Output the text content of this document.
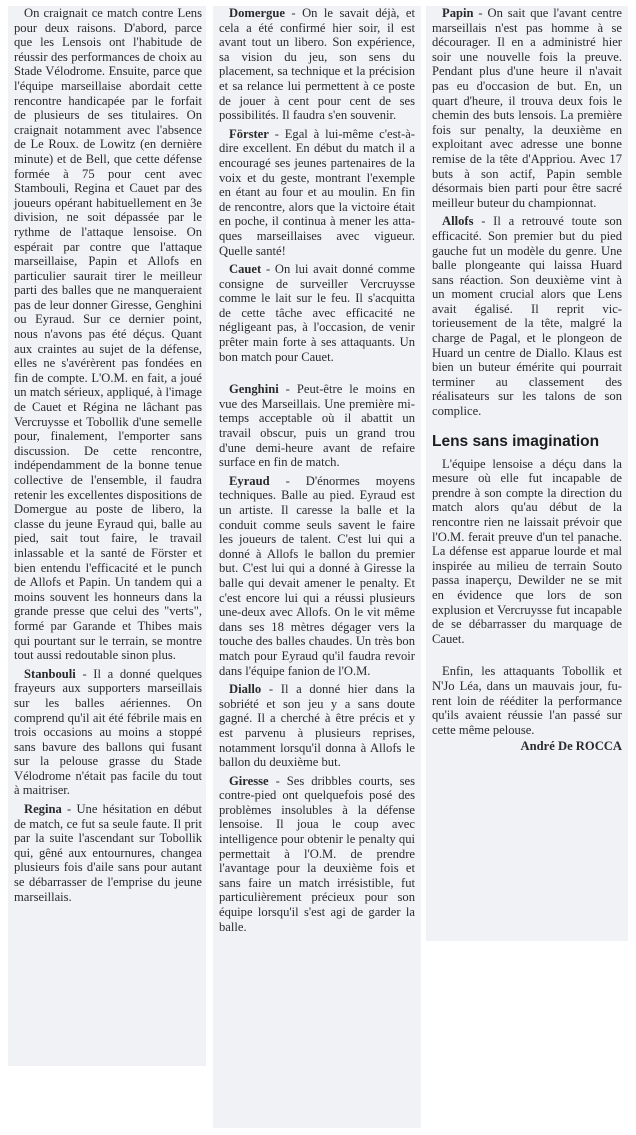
On craignait ce match contre Lens pour deux raisons. D'abord, parce que les Lensois ont l'habitude de réussir des performances de choix au Stade Vélodrome. Ensuite, parce que l'équipe marseillaise abordait cette rencontre handicapée par le forfait de plusieurs de ses titulaires. On craignait notamment avec l'absence de Le Roux. de Lowitz (en dernière minute) et de Bell, que cette défense formée à 75 pour cent avec Stambouli, Regina et Cauet par des joueurs opérant habituellement en 3e division, ne soit dépassée par le rythme de l'attaque lensoise. On espérait par contre que l'attaque marseillaise, Papin et Allofs en particulier saurait tirer le meilleur parti des balles que ne manqueraient pas de leur donner Giresse, Genghini ou Eyraud. Sur ce dernier point, nous n'avons pas été déçus. Quant aux craintes au sujet de la défense, elles ne s'avérèrent pas fondées en fin de compte. L'O.M. en fait, a joué un match sérieux, appliqué, à l'image de Cauet et Régina ne lâchant pas Vercruysse et Tobollik d'une semelle pour, finalement, l'emporter sans discussion. De cette rencontre, indépendamment de la bonne tenue collective de l'ensemble, il faudra retenir les excellentes dispositions de Domergue au poste de libero, la classe du jeune Eyraud qui, balle au pied, sait tout faire, le travail inlassable et la santé de Förster et bien entendu l'efficacité et le punch de Allofs et Papin. Un tandem qui a moins souvent les honneurs dans la grande presse que celui des "verts", formé par Garande et Thibes mais qui pourtant sur le terrain, se montre tout aussi redoutable sinon plus.

Stanbouli - Il a donné quelques frayeurs aux supporters marseillais sur les balles aériennes. On comprend qu'il ait été fébrile mais en trois occasions au moins a stoppé sans bavure des ballons qui fusant sur la pelouse grasse du Stade Vélodrome n'était pas facile du tout à maitriser.

Regina - Une hésitation en début de match, ce fut sa seule faute. Il prit par la suite l'ascendant sur Tobollik qui, gêné aux entournures, changea plusieurs fois d'aile sans pour autant se débarrasser de l'emprise du jeune marseillais.

Domergue - On le savait déjà, et cela a été confirmé hier soir, il est avant tout un libero. Son expérience, sa vision du jeu, son sens du placement, sa technique et la précision et sa relance lui permettent à ce poste de jouer à cent pour cent de ses possibilités. Il faudra s'en souvenir.

Förster - Egal à lui-même c'est-à-dire excellent. En début du match il a encouragé ses jeunes partenaires de la voix et du geste, montrant l'exemple en étant au four et au moulin. En fin de rencontre, alors que la victoire était en poche, il continua à mener les attaques marseillaises avec vigueur. Quelle santé!

Cauet - On lui avait donné comme consigne de surveiller Vercruysse comme le lait sur le feu. Il s'acquitta de cette tâche avec efficacité ne négligeant pas, à l'occasion, de venir prêter main forte à ses attaquants. Un bon match pour Cauet.

Genghini - Peut-être le moins en vue des Marseillais. Une première mi-temps acceptable où il abattit un travail obscur, puis un grand trou d'une demi-heure avant de refaire surface en fin de match.

Eyraud - D'énormes moyens techniques. Balle au pied. Eyraud est un artiste. Il caresse la balle et la conduit comme seuls savent le faire les joueurs de talent. C'est lui qui a donné à Allofs le ballon du premier but. C'est lui qui a donné à Giresse la balle qui devait amener le penalty. Et c'est encore lui qui a réussi plusieurs une-deux avec Allofs. On le vit même dans ses 18 mètres dégager vers la touche des balles chaudes. Un très bon match pour Eyraud qu'il faudra revoir dans l'équipe fanion de l'O.M.

Diallo - Il a donné hier dans la sobriété et son jeu y a sans doute gagné. Il a cherché à être précis et y est parvenu à plusieurs reprises, notamment lorsqu'il donna à Allofs le ballon du deuxième but.

Giresse - Ses dribbles courts, ses contre-pied ont quelquefois posé des problèmes insolubles à la défense lensoise. Il joua le coup avec intelligence pour obtenir le penalty qui permettait à l'O.M. de prendre l'avantage pour la deuxième fois et sans faire un match irrésistible, fut particulièrement précieux pour son équipe lorsqu'il s'est agi de garder la balle.

Papin - On sait que l'avant centre marseillais n'est pas homme à se décourager. Il en a administré hier soir une nouvelle fois la preuve. Pendant plus d'une heure il n'avait pas eu d'occasion de but. En, un quart d'heure, il trouva deux fois le chemin des buts lensois. La première fois sur penalty, la deuxième en exploitant avec adresse une bonne remise de la tête d'Appriou. Avec 17 buts à son actif, Papin semble désormais bien parti pour être sacré meilleur buteur du championnat.

Allofs - Il a retrouvé toute son efficacité. Son premier but du pied gauche fut un modèle du genre. Une balle plongeante qui laissa Huard sans réaction. Son deuxième vint à un moment crucial alors que Lens avait égalisé. Il reprit victorieusement de la tête, malgré la charge de Pagal, et le plongeon de Huard un centre de Diallo. Klaus est bien un buteur émérite qui pourrait terminer au classement des réalisateurs sur les talons de son complice.

Lens sans imagination

L'équipe lensoise a déçu dans la mesure où elle fut incapable de prendre à son compte la direction du match alors qu'au début de la rencontre rien ne laissait prévoir que l'O.M. ferait preuve d'un tel panache. La défense est apparue lourde et mal inspirée au milieu de terrain Souto passa inaperçu, Dewilder ne se mit en évidence que lors de son explusion et Vercruysse fut incapable de se débarrasser du marquage de Cauet.

Enfin, les attaquants Tobollik et N'Jo Léa, dans un mauvais jour, furent loin de rééditer la performance qu'ils avaient réussie l'an passé sur cette même pelouse.

André De ROCCA
